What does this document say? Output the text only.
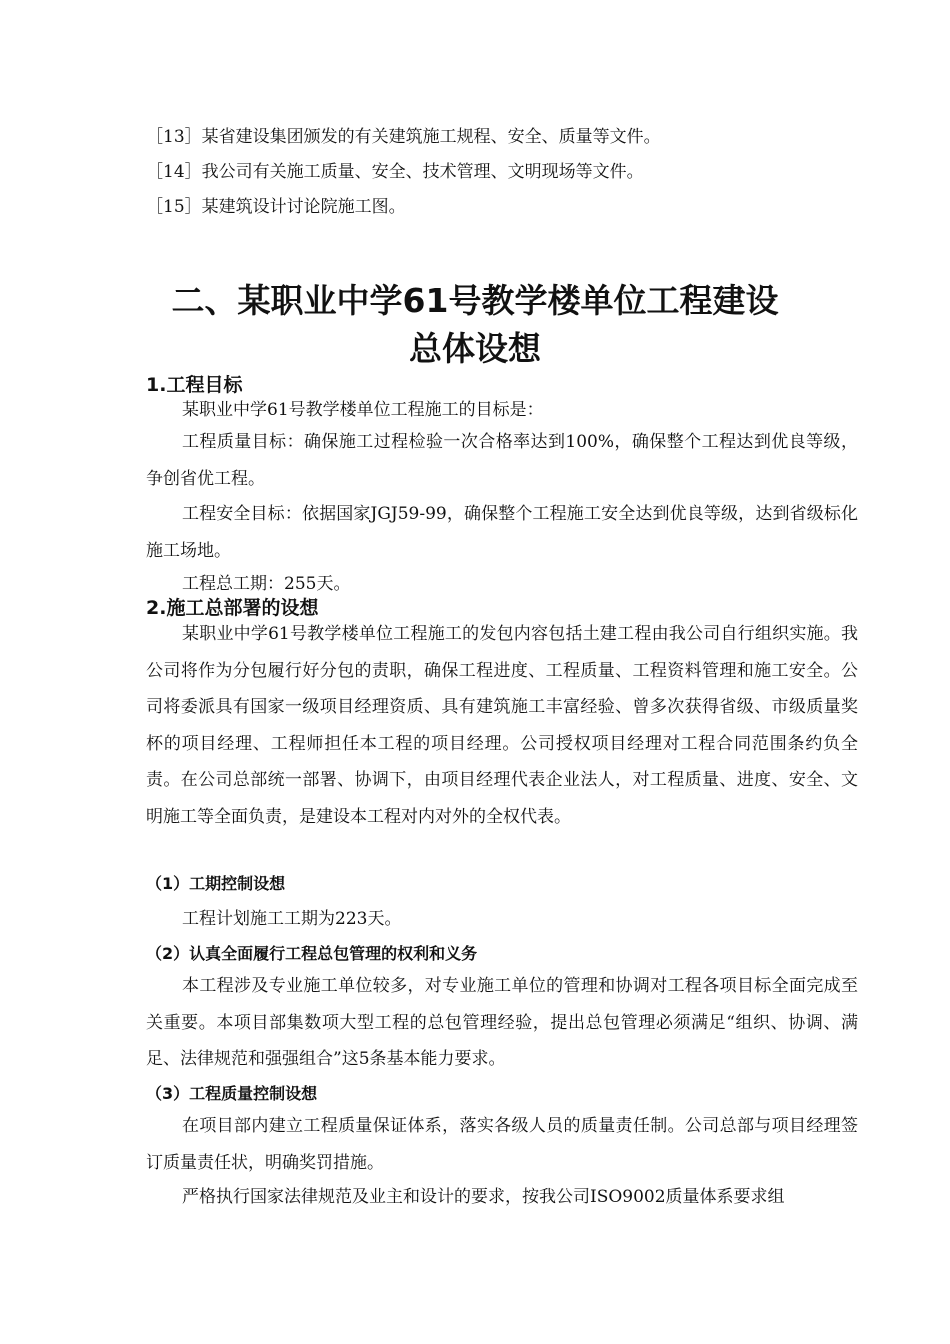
［13］某省建设集团颁发的有关建筑施工规程、安全、质量等文件。
［14］我公司有关施工质量、安全、技术管理、文明现场等文件。
［15］某建筑设计讨论院施工图。
二、某职业中学61号教学楼单位工程建设
总体设想
1.工程目标
某职业中学61号教学楼单位工程施工的目标是：

工程质量目标：确保施工过程检验一次合格率达到100%，确保整个工程达到优良等级，争创省优工程。

工程安全目标：依据国家JGJ59-99，确保整个工程施工安全达到优良等级，达到省级标化施工场地。

工程总工期：255天。
2.施工总部署的设想

某职业中学61号教学楼单位工程施工的发包内容包括土建工程由我公司自行组织实施。我公司将作为分包履行好分包的责职，确保工程进度、工程质量、工程资料管理和施工安全。公司将委派具有国家一级项目经理资质、具有建筑施工丰富经验、曾多次获得省级、市级质量奖杯的项目经理、工程师担任本工程的项目经理。公司授权项目经理对工程合同范围条约负全责。在公司总部统一部署、协调下，由项目经理代表企业法人，对工程质量、进度、安全、文明施工等全面负责，是建设本工程对内对外的全权代表。

（1）工期控制设想
工程计划施工工期为223天。
（2）认真全面履行工程总包管理的权利和义务

本工程涉及专业施工单位较多，对专业施工单位的管理和协调对工程各项目标全面完成至关重要。本项目部集数项大型工程的总包管理经验，提出总包管理必须满足“组织、协调、满足、法律规范和强强组合”这5条基本能力要求。

（3）工程质量控制设想

在项目部内建立工程质量保证体系，落实各级人员的质量责任制。公司总部与项目经理签订质量责任状，明确奖罚措施。

严格执行国家法律规范及业主和设计的要求，按我公司ISO9002质量体系要求组
